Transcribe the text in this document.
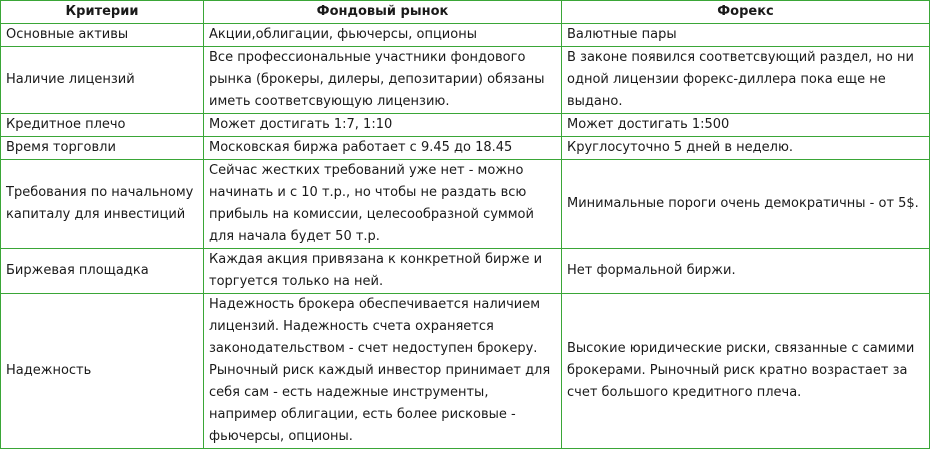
Критерии	Фондовый рынок	Форекс
Основные активы	Акции,облигации, фьючерсы, опционы	Валютные пары
Наличие лицензий	Все профессиональные участники фондового рынка (брокеры, дилеры, депозитарии) обязаны иметь соответсвующую лицензию.	В законе появился соответсвующий раздел, но ни одной лицензии форекс-диллера пока еще не выдано.
Кредитное плечо	Может достигать 1:7, 1:10	Может достигать 1:500
Время торговли	Московская биржа работает с 9.45 до 18.45	Круглосуточно 5 дней в неделю.
Требования по начальному капиталу для инвестиций	Сейчас жестких требований уже нет - можно начинать и с 10 т.р., но чтобы не раздать всю прибыль на комиссии, целесообразной суммой для начала будет 50 т.р.	Минимальные пороги очень демократичны - от 5$.
Биржевая площадка	Каждая акция привязана к конкретной бирже и торгуется только на ней.	Нет формальной биржи.
Надежность	Надежность брокера обеспечивается наличием лицензий. Надежность счета охраняется законодательством - счет недоступен брокеру. Рыночный риск каждый инвестор принимает для себя сам - есть надежные инструменты, например облигации, есть более рисковые - фьючерсы, опционы.	Высокие юридические риски, связанные с самими брокерами. Рыночный риск кратно возрастает за счет большого кредитного плеча.
